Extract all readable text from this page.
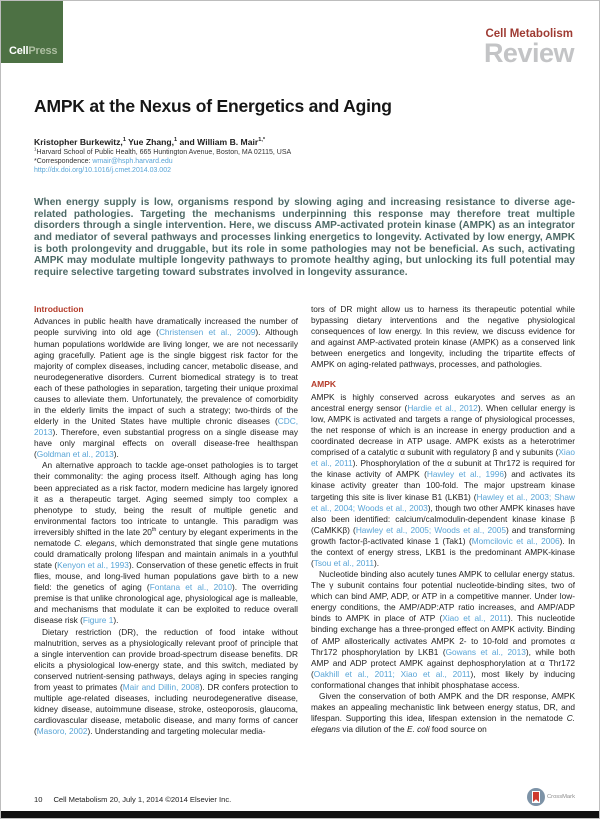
CellPress
Cell Metabolism
Review
AMPK at the Nexus of Energetics and Aging
Kristopher Burkewitz,$^1$ Yue Zhang,$^1$ and William B. Mair$^{1,*}$
$^1$Harvard School of Public Health, 665 Huntington Avenue, Boston, MA 02115, USA
*Correspondence: wmair@hsph.harvard.edu
http://dx.doi.org/10.1016/j.cmet.2014.03.002
When energy supply is low, organisms respond by slowing aging and increasing resistance to diverse age-related pathologies. Targeting the mechanisms underpinning this response may therefore treat multiple disorders through a single intervention. Here, we discuss AMP-activated protein kinase (AMPK) as an integrator and mediator of several pathways and processes linking energetics to longevity. Activated by low energy, AMPK is both prolongevity and druggable, but its role in some pathologies may not be beneficial. As such, activating AMPK may modulate multiple longevity pathways to promote healthy aging, but unlocking its full potential may require selective targeting toward substrates involved in longevity assurance.
Introduction
Advances in public health have dramatically increased the number of people surviving into old age (Christensen et al., 2009). Although human populations worldwide are living longer, we are not necessarily aging gracefully. Patient age is the single biggest risk factor for the majority of complex diseases, including cancer, metabolic disease, and neurodegenerative disorders. Current biomedical strategy is to treat each of these pathologies in separation, targeting their unique proximal causes to alleviate them. Unfortunately, the prevalence of comorbidity in the elderly limits the impact of such a strategy; two-thirds of the elderly in the United States have multiple chronic diseases (CDC, 2013). Therefore, even substantial progress on a single disease may have only marginal effects on overall disease-free healthspan (Goldman et al., 2013).
An alternative approach to tackle age-onset pathologies is to target their commonality: the aging process itself. Although aging has long been appreciated as a risk factor, modern medicine has largely ignored it as a therapeutic target. Aging seemed simply too complex a phenotype to study, being the result of multiple genetic and environmental factors too intricate to untangle. This paradigm was irreversibly shifted in the late 20th century by elegant experiments in the nematode C. elegans, which demonstrated that single gene mutations could dramatically prolong lifespan and maintain animals in a youthful state (Kenyon et al., 1993). Conservation of these genetic effects in fruit flies, mouse, and long-lived human populations gave birth to a new field: the genetics of aging (Fontana et al., 2010). The overriding premise is that unlike chronological age, physiological age is malleable, and mechanisms that modulate it can be exploited to reduce overall disease risk (Figure 1).
Dietary restriction (DR), the reduction of food intake without malnutrition, serves as a physiologically relevant proof of principle that a single intervention can provide broad-spectrum disease benefits. DR elicits a physiological low-energy state, and this switch, mediated by conserved nutrient-sensing pathways, delays aging in species ranging from yeast to primates (Mair and Dillin, 2008). DR confers protection to multiple age-related diseases, including neurodegenerative disease, kidney disease, autoimmune disease, stroke, osteoporosis, glaucoma, cardiovascular disease, metabolic disease, and many forms of cancer (Masoro, 2002). Understanding and targeting molecular media-
tors of DR might allow us to harness its therapeutic potential while bypassing dietary interventions and the negative physiological consequences of low energy. In this review, we discuss evidence for and against AMP-activated protein kinase (AMPK) as a conserved link between energetics and longevity, including the tripartite effects of AMPK on aging-related pathways, processes, and pathologies.
AMPK
AMPK is highly conserved across eukaryotes and serves as an ancestral energy sensor (Hardie et al., 2012). When cellular energy is low, AMPK is activated and targets a range of physiological processes, the net response of which is an increase in energy production and a coordinated decrease in ATP usage. AMPK exists as a heterotrimer comprised of a catalytic α subunit with regulatory β and γ subunits (Xiao et al., 2011). Phosphorylation of the α subunit at Thr172 is required for the kinase activity of AMPK (Hawley et al., 1996) and activates its kinase activity greater than 100-fold. The major upstream kinase targeting this site is liver kinase B1 (LKB1) (Hawley et al., 2003; Shaw et al., 2004; Woods et al., 2003), though two other AMPK kinases have also been identified: calcium/calmodulin-dependent kinase kinase β (CaMKKβ) (Hawley et al., 2005; Woods et al., 2005) and transforming growth factor-β-activated kinase 1 (Tak1) (Momcilovic et al., 2006). In the context of energy stress, LKB1 is the predominant AMPK-kinase (Tsou et al., 2011).
Nucleotide binding also acutely tunes AMPK to cellular energy status. The γ subunit contains four potential nucleotide-binding sites, two of which can bind AMP, ADP, or ATP in a competitive manner. Under low-energy conditions, the AMP/ADP:ATP ratio increases, and AMP/ADP binds to AMPK in place of ATP (Xiao et al., 2011). This nucleotide binding exchange has a three-pronged effect on AMPK activity. Binding of AMP allosterically activates AMPK 2- to 10-fold and promotes α Thr172 phosphorylation by LKB1 (Gowans et al., 2013), while both AMP and ADP protect AMPK against dephosphorylation at α Thr172 (Oakhill et al., 2011; Xiao et al., 2011), most likely by inducing conformational changes that inhibit phosphatase access.
Given the conservation of both AMPK and the DR response, AMPK makes an appealing mechanistic link between energy status, DR, and lifespan. Supporting this idea, lifespan extension in the nematode C. elegans via dilution of the E. coli food source on
10 Cell Metabolism 20, July 1, 2014 ©2014 Elsevier Inc.	CrossMark
